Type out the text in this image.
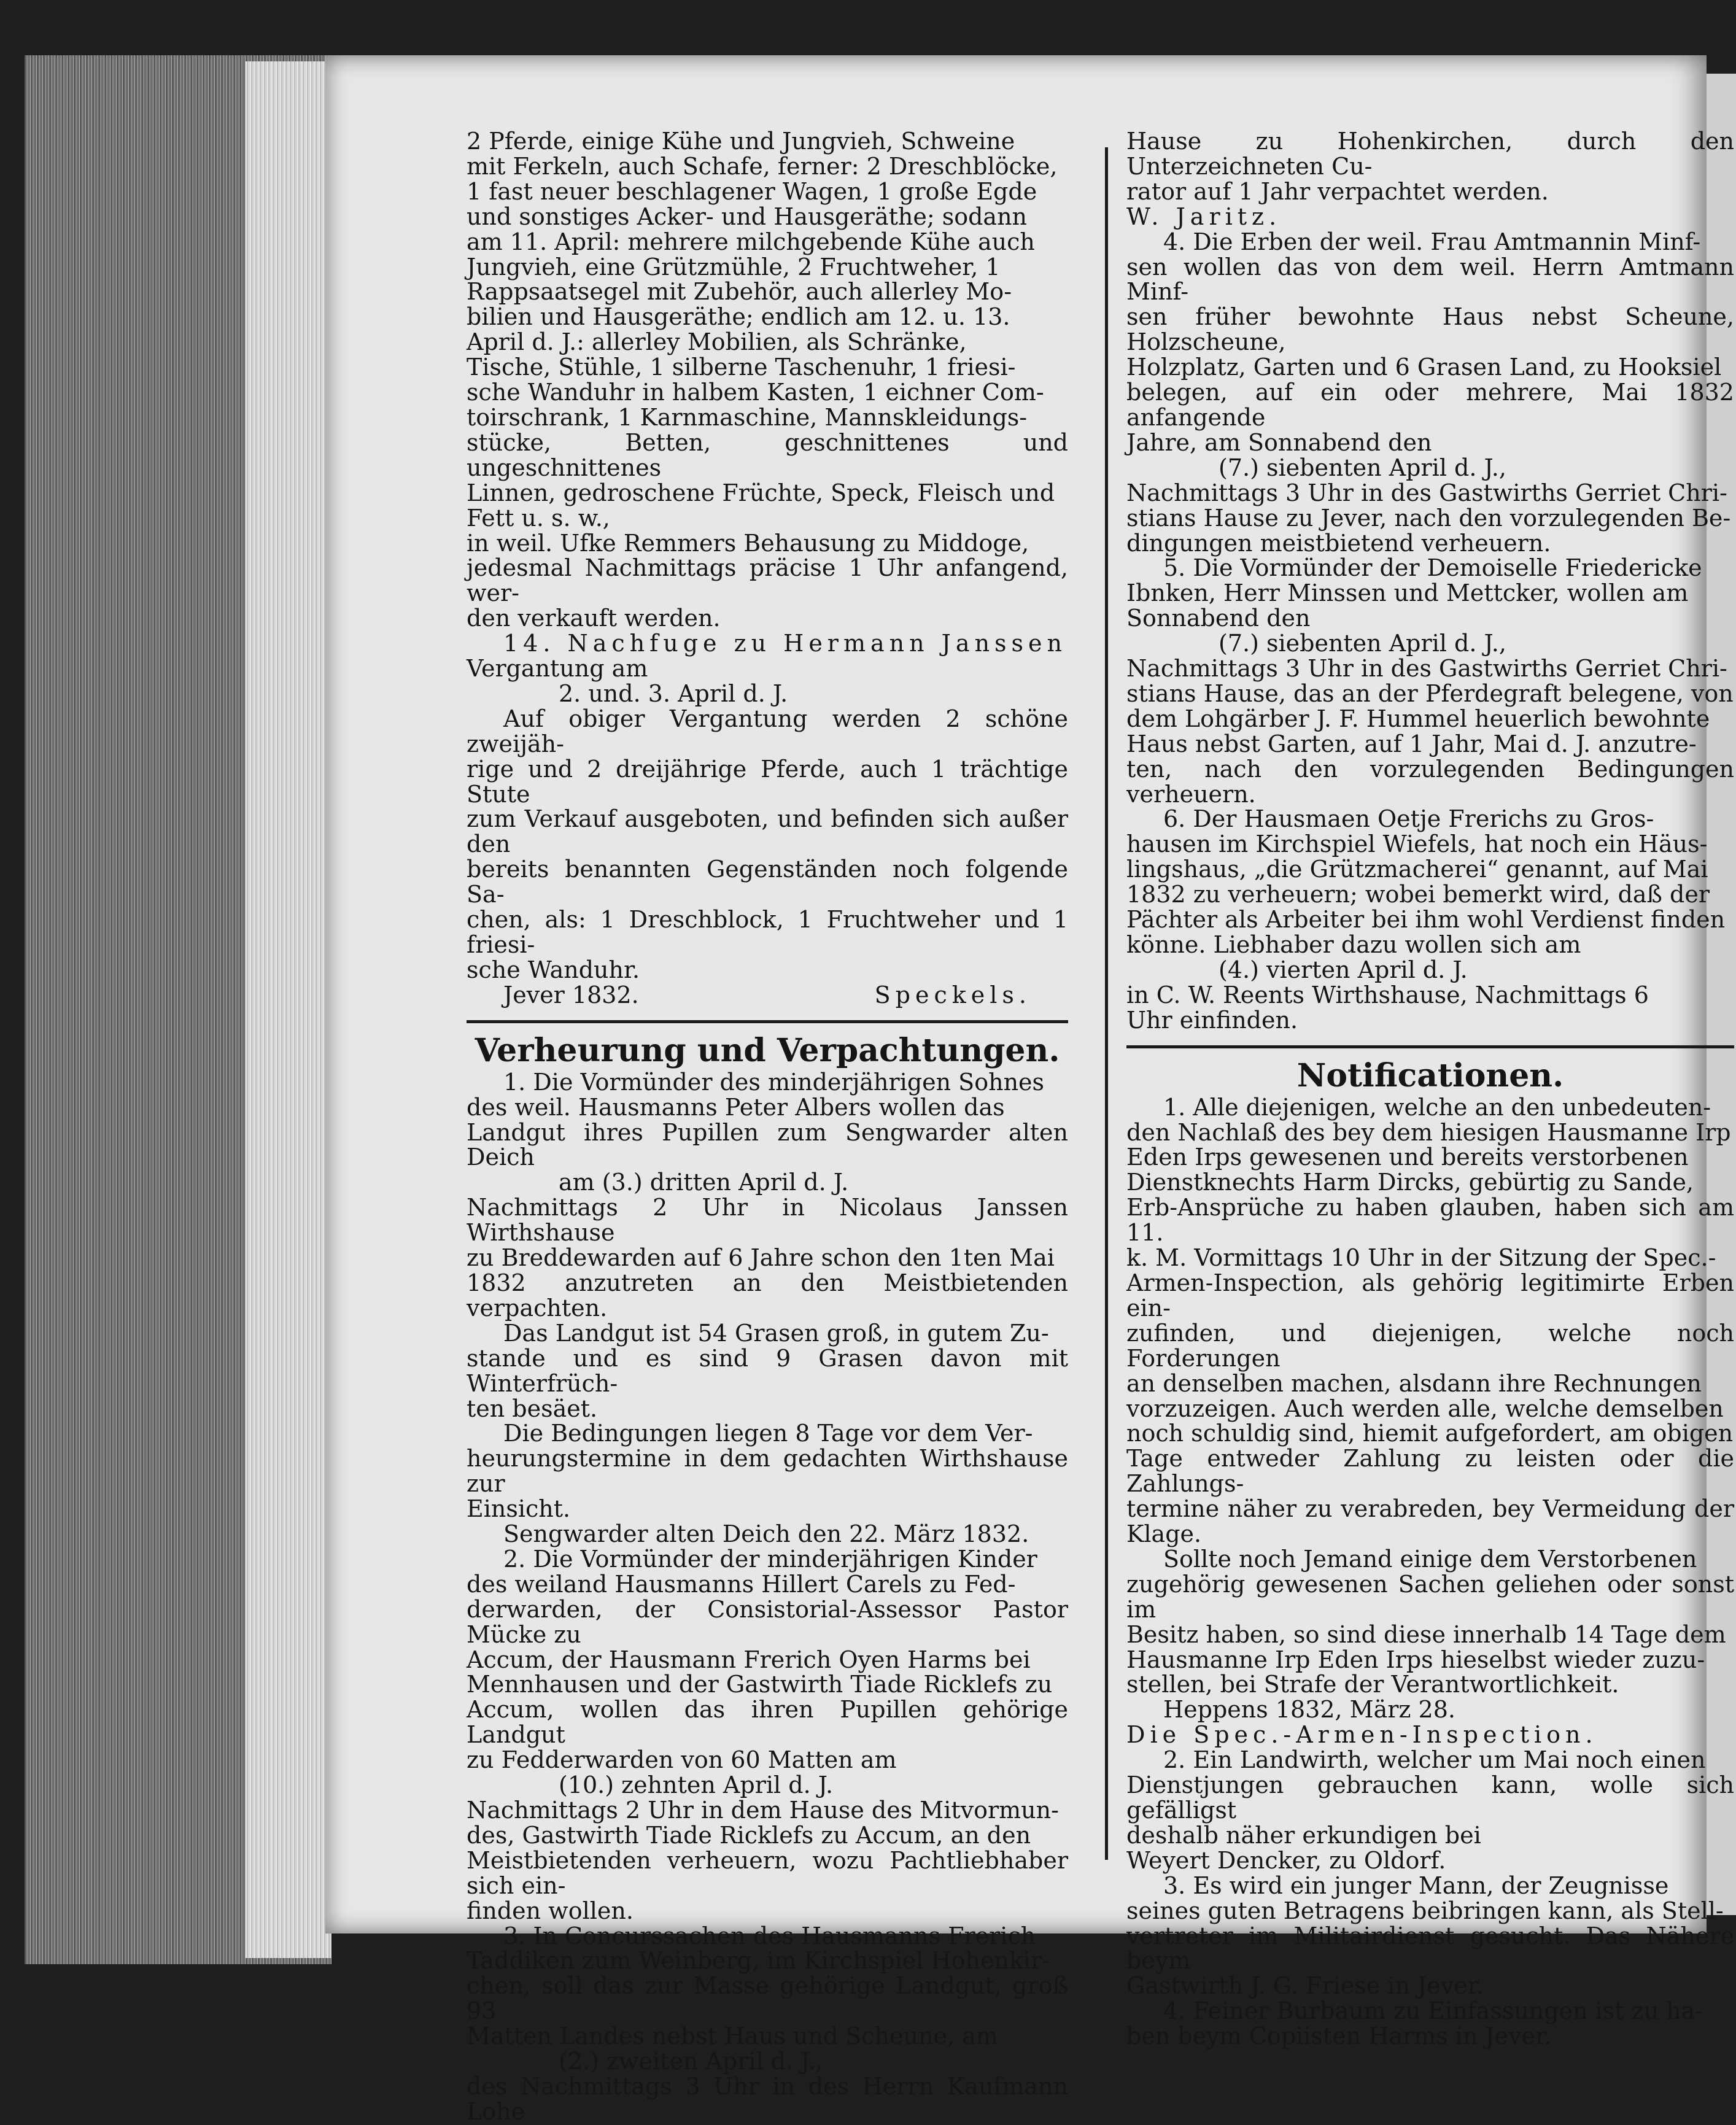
2 Pferde, einige Kühe und Jungvieh, Schweine
mit Ferkeln, auch Schafe, ferner: 2 Dreschblöcke,
1 fast neuer beschlagener Wagen, 1 große Egde
und sonstiges Acker- und Hausgeräthe; sodann
am 11. April: mehrere milchgebende Kühe auch
Jungvieh, eine Grützmühle, 2 Fruchtweher, 1
Rappsaatsegel mit Zubehör, auch allerley Mo-
bilien und Hausgeräthe; endlich am 12. u. 13.
April d. J.: allerley Mobilien, als Schränke,
Tische, Stühle, 1 silberne Taschenuhr, 1 friesi-
sche Wanduhr in halbem Kasten, 1 eichner Com-
toirschrank, 1 Karnmaschine, Mannskleidungs-
stücke, Betten, geschnittenes und ungeschnittenes
Linnen, gedroschene Früchte, Speck, Fleisch und
Fett u. s. w.,

in weil. Ufke Remmers Behausung zu Middoge,
jedesmal Nachmittags präcise 1 Uhr anfangend, wer-
den verkauft werden.

14. Nachfuge zu Hermann Janssen

Vergantung am

2. und. 3. April d. J.

Auf obiger Vergantung werden 2 schöne zweijäh-
rige und 2 dreijährige Pferde, auch 1 trächtige Stute
zum Verkauf ausgeboten, und befinden sich außer den
bereits benannten Gegenständen noch folgende Sa-
chen, als: 1 Dreschblock, 1 Fruchtweher und 1 friesi-
sche Wanduhr.

Jever 1832.	Speckels.
Verheurung und Verpachtungen.

1. Die Vormünder des minderjährigen Sohnes
des weil. Hausmanns Peter Albers wollen das
Landgut ihres Pupillen zum Sengwarder alten Deich

am (3.) dritten April d. J.

Nachmittags 2 Uhr in Nicolaus Janssen Wirthshause
zu Breddewarden auf 6 Jahre schon den 1ten Mai
1832 anzutreten an den Meistbietenden verpachten.

Das Landgut ist 54 Grasen groß, in gutem Zu-
stande und es sind 9 Grasen davon mit Winterfrüch-
ten besäet.

Die Bedingungen liegen 8 Tage vor dem Ver-
heurungstermine in dem gedachten Wirthshause zur
Einsicht.

Sengwarder alten Deich den 22. März 1832.

2. Die Vormünder der minderjährigen Kinder
des weiland Hausmanns Hillert Carels zu Fed-
derwarden, der Consistorial-Assessor Pastor Mücke zu
Accum, der Hausmann Frerich Oyen Harms bei
Mennhausen und der Gastwirth Tiade Ricklefs zu
Accum, wollen das ihren Pupillen gehörige Landgut
zu Fedderwarden von 60 Matten am

(10.) zehnten April d. J.

Nachmittags 2 Uhr in dem Hause des Mitvormun-
des, Gastwirth Tiade Ricklefs zu Accum, an den
Meistbietenden verheuern, wozu Pachtliebhaber sich ein-
finden wollen.

3. In Concurssachen des Hausmanns Frerich
Taddiken zum Weinberg, im Kirchspiel Hohenkir-
chen, soll das zur Masse gehörige Landgut, groß 93
Matten Landes nebst Haus und Scheune, am

(2.) zweiten April d. J.,

des Nachmittags 3 Uhr in des Herrn Kaufmann Lohe

Hause zu Hohenkirchen, durch den Unterzeichneten Cu-
rator auf 1 Jahr verpachtet werden.

W. Jaritz.

4. Die Erben der weil. Frau Amtmannin Minf-
sen wollen das von dem weil. Herrn Amtmann Minf-
sen früher bewohnte Haus nebst Scheune, Holzscheune,
Holzplatz, Garten und 6 Grasen Land, zu Hooksiel
belegen, auf ein oder mehrere, Mai 1832 anfangende
Jahre, am Sonnabend den

(7.) siebenten April d. J.,

Nachmittags 3 Uhr in des Gastwirths Gerriet Chri-
stians Hause zu Jever, nach den vorzulegenden Be-
dingungen meistbietend verheuern.

5. Die Vormünder der Demoiselle Friedericke
Ibnken, Herr Minssen und Mettcker, wollen am
Sonnabend den

(7.) siebenten April d. J.,

Nachmittags 3 Uhr in des Gastwirths Gerriet Chri-
stians Hause, das an der Pferdegraft belegene, von
dem Lohgärber J. F. Hummel heuerlich bewohnte
Haus nebst Garten, auf 1 Jahr, Mai d. J. anzutre-
ten, nach den vorzulegenden Bedingungen verheuern.

6. Der Hausmaen Oetje Frerichs zu Gros-
hausen im Kirchspiel Wiefels, hat noch ein Häus-
lingshaus, „die Grützmacherei“ genannt, auf Mai
1832 zu verheuern; wobei bemerkt wird, daß der
Pächter als Arbeiter bei ihm wohl Verdienst finden
könne. Liebhaber dazu wollen sich am

(4.) vierten April d. J.

in C. W. Reents Wirthshause, Nachmittags 6
Uhr einfinden.

Notificationen.

1. Alle diejenigen, welche an den unbedeuten-
den Nachlaß des bey dem hiesigen Hausmanne Irp
Eden Irps gewesenen und bereits verstorbenen
Dienstknechts Harm Dircks, gebürtig zu Sande,
Erb-Ansprüche zu haben glauben, haben sich am 11.
k. M. Vormittags 10 Uhr in der Sitzung der Spec.-
Armen-Inspection, als gehörig legitimirte Erben ein-
zufinden, und diejenigen, welche noch Forderungen
an denselben machen, alsdann ihre Rechnungen
vorzuzeigen. Auch werden alle, welche demselben
noch schuldig sind, hiemit aufgefordert, am obigen
Tage entweder Zahlung zu leisten oder die Zahlungs-
termine näher zu verabreden, bey Vermeidung der Klage.

Sollte noch Jemand einige dem Verstorbenen
zugehörig gewesenen Sachen geliehen oder sonst im
Besitz haben, so sind diese innerhalb 14 Tage dem
Hausmanne Irp Eden Irps hieselbst wieder zuzu-
stellen, bei Strafe der Verantwortlichkeit.

Heppens 1832, März 28.

Die Spec.-Armen-Inspection.

2. Ein Landwirth, welcher um Mai noch einen
Dienstjungen gebrauchen kann, wolle sich gefälligst
deshalb näher erkundigen bei

Weyert Dencker, zu Oldorf.

3. Es wird ein junger Mann, der Zeugnisse
seines guten Betragens beibringen kann, als Stell-
vertreter im Militairdienst gesucht. Das Nähere beym

Gastwirth J. G. Friese in Jever.

4. Feiner Burbaum zu Einfassungen ist zu ha-
ben beym Copiisten Harms in Jever.
